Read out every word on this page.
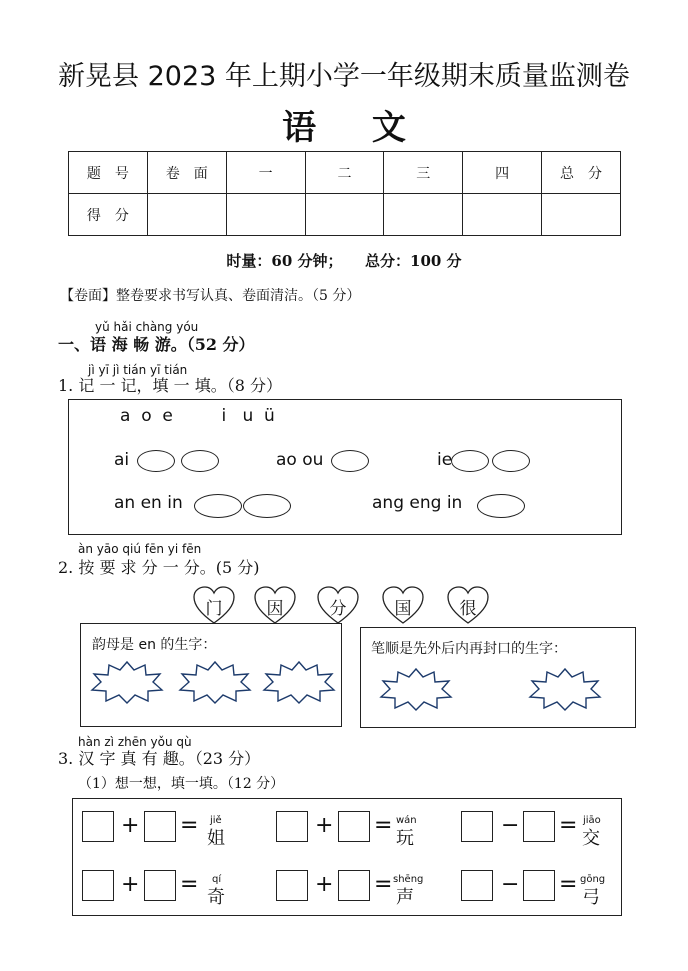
新晃县 2023 年上期小学一年级期末质量监测卷
语 文
题　号	卷　面	一	二	三	四	总　分
得　分						
时量：60 分钟；　　总分：100 分
【卷面】整卷要求书写认真、卷面清洁。（5 分）
yǔ hǎi chàng yóu
一、语 海 畅 游。（52 分）
jì yī jì tián yī tián
1. 记 一 记，填 一 填。（8 分）
a  o  e         i   u  ü
ai	ao ou	ie
an en in	ang eng in
àn yāo qiú fēn yi fēn
2. 按 要 求 分 一 分。(5 分)
门	因	分	国	很
韵母是 en 的生字：	笔顺是先外后内再封口的生字：
hàn zì zhēn yǒu qù
3. 汉 字 真 有 趣。（23 分）
（1）想一想，填一填。（12 分）
+ = jiě
姐
+ = wán
玩
− = jiāo
交
+ = qí
奇
+ = shēng
声
− = gōng
弓
